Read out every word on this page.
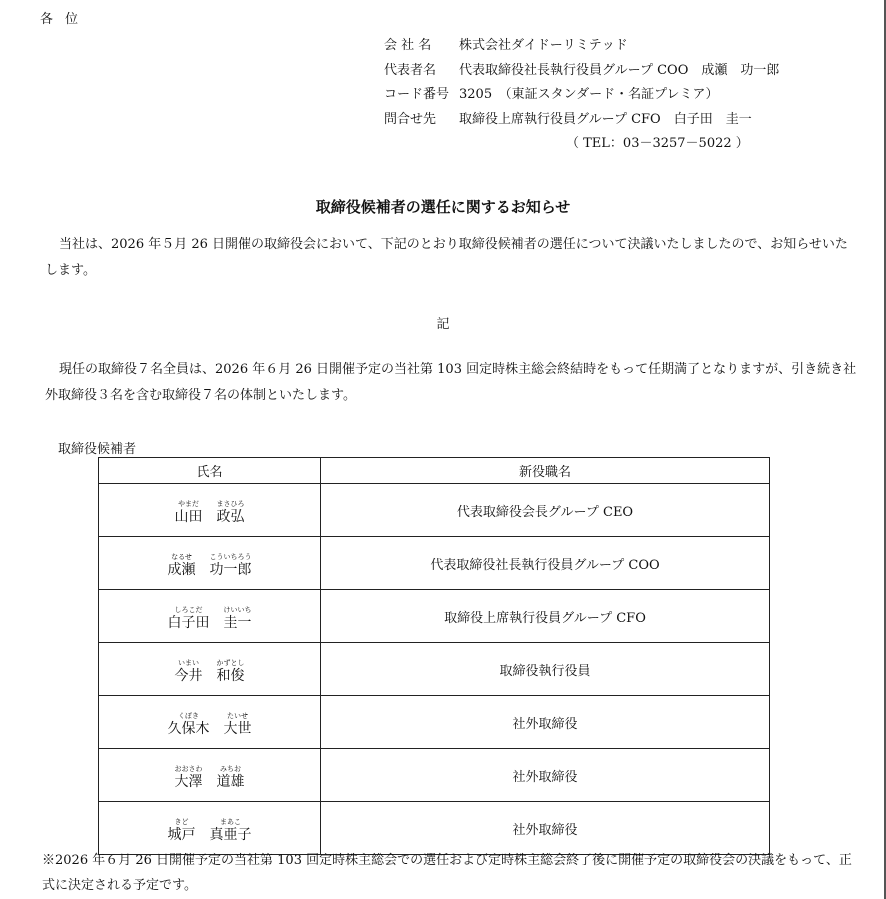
各位
会 社 名	株式会社ダイドーリミテッド
代表者名	代表取締役社長執行役員グループ COO　成瀬　功一郎
コード番号 3205　（東証スタンダード・名証プレミア）
問合せ先	取締役上席執行役員グループ CFO　白子田　圭一
（ TEL：03－3257－5022 ）
取締役候補者の選任に関するお知らせ
当社は、2026 年５月 26 日開催の取締役会において、下記のとおり取締役候補者の選任について決議いたしましたので、お知らせいたします。
記
現任の取締役７名全員は、2026 年６月 26 日開催予定の当社第 103 回定時株主総会終結時をもって任期満了となりますが、引き続き社外取締役３名を含む取締役７名の体制といたします。
取締役候補者
氏名	新役職名

やまだ
山田
まさひろ
政弘	代表取締役会長グループ CEO

なるせ
成瀬
こういちろう
功一郎	代表取締役社長執行役員グループ COO

しろこだ
白子田
けいいち
圭一	取締役上席執行役員グループ CFO

いまい
今井
かずとし
和俊	取締役執行役員

くぼき
久保木
たいせ
大世	社外取締役

おおさわ
大澤
みちお
道雄	社外取締役

きど
城戸
まあこ
真亜子	社外取締役
※2026 年６月 26 日開催予定の当社第 103 回定時株主総会での選任および定時株主総会終了後に開催予定の取締役会の決議をもって、正式に決定される予定です。
